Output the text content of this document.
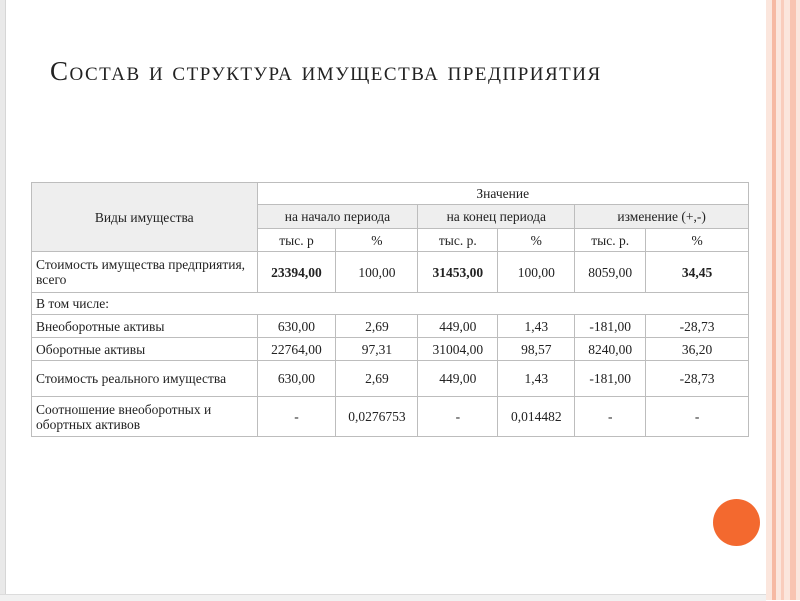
Состав и структура имущества предприятия
Виды имущества	Значение					
	на начало периода		на конец периода		изменение (+,-)	
	тыс. р	%	тыс. р.	%	тыс. р.	%
Стоимость имущества предприятия, всего	23394,00	100,00	31453,00	100,00	8059,00	34,45
В том числе:						
Внеоборотные активы	630,00	2,69	449,00	1,43	-181,00	-28,73
Оборотные активы	22764,00	97,31	31004,00	98,57	8240,00	36,20
Стоимость реального имущества	630,00	2,69	449,00	1,43	-181,00	-28,73
Соотношение внеоборотных и обортных активов	-	0,0276753	-	0,014482	-	-
